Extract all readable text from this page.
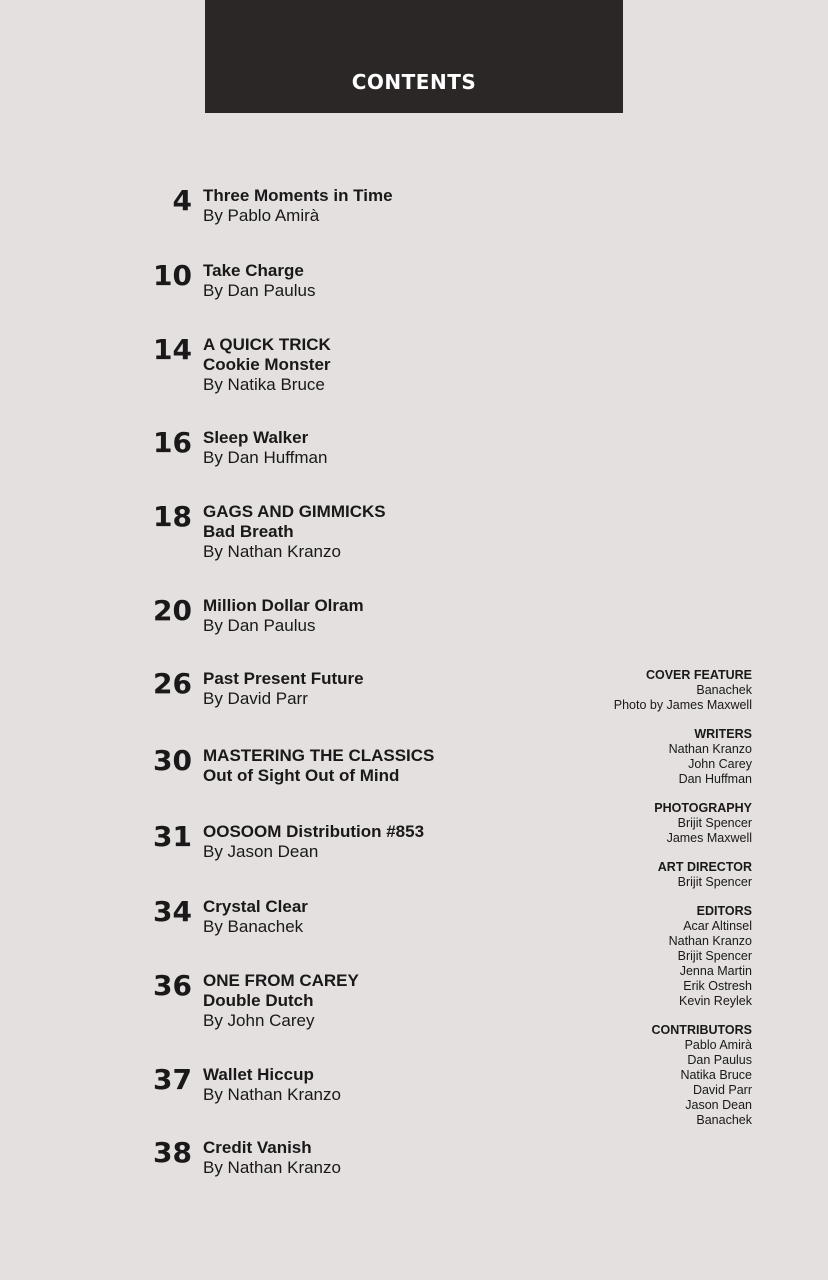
CONTENTS
4 Three Moments in Time
By Pablo Amirà
10 Take Charge
By Dan Paulus
14 A QUICK TRICK
Cookie Monster
By Natika Bruce
16 Sleep Walker
By Dan Huffman
18 GAGS AND GIMMICKS
Bad Breath
By Nathan Kranzo
20 Million Dollar Olram
By Dan Paulus
26 Past Present Future
By David Parr
30 MASTERING THE CLASSICS
Out of Sight Out of Mind
31 OOSOOM Distribution #853
By Jason Dean
34 Crystal Clear
By Banachek
36 ONE FROM CAREY
Double Dutch
By John Carey
37 Wallet Hiccup
By Nathan Kranzo
38 Credit Vanish
By Nathan Kranzo
COVER FEATURE
Banachek
Photo by James Maxwell
WRITERS
Nathan Kranzo
John Carey
Dan Huffman
PHOTOGRAPHY
Brijit Spencer
James Maxwell
ART DIRECTOR
Brijit Spencer
EDITORS
Acar Altinsel
Nathan Kranzo
Brijit Spencer
Jenna Martin
Erik Ostresh
Kevin Reylek
CONTRIBUTORS
Pablo Amirà
Dan Paulus
Natika Bruce
David Parr
Jason Dean
Banachek
